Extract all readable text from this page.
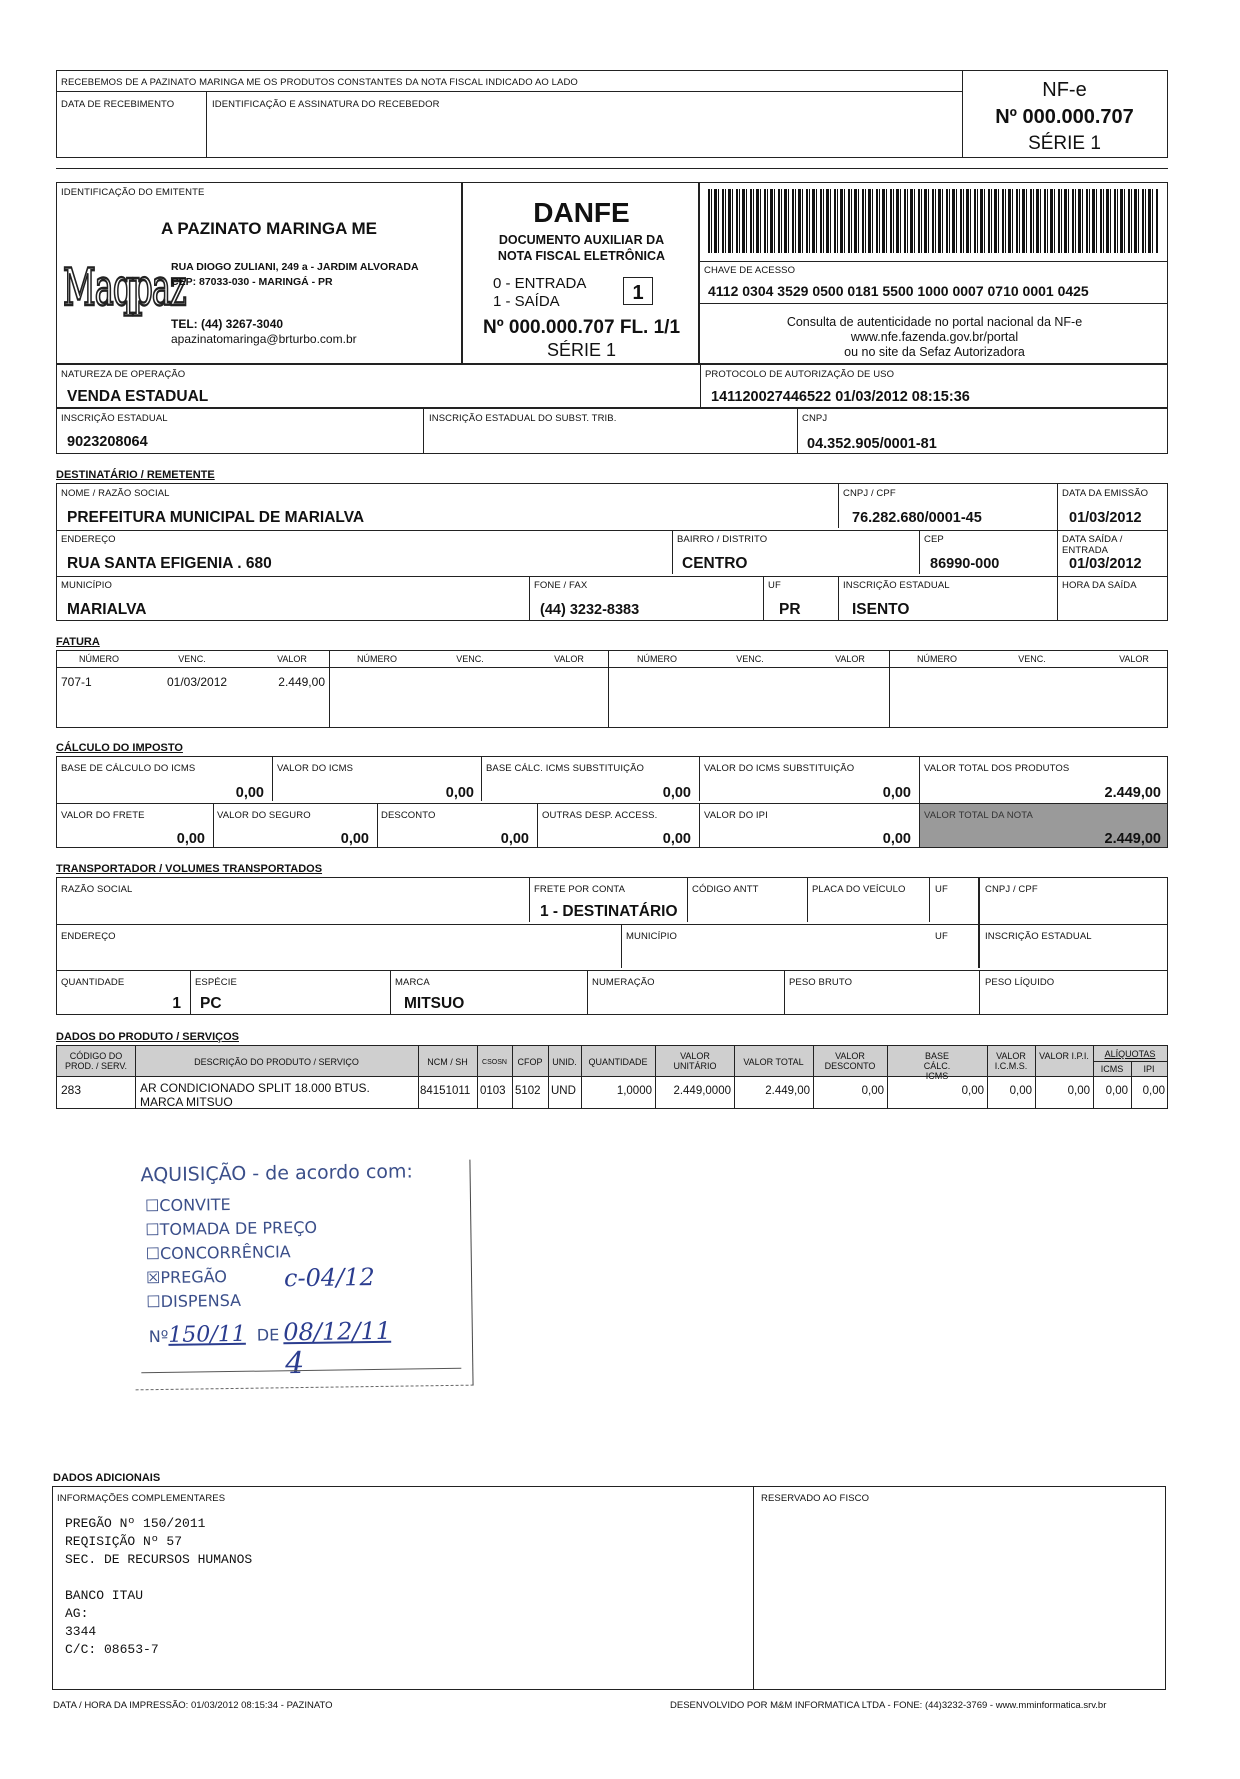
RECEBEMOS DE A PAZINATO MARINGA ME OS PRODUTOS CONSTANTES DA NOTA FISCAL INDICADO AO LADO
DATA DE RECEBIMENTO	IDENTIFICAÇÃO E ASSINATURA DO RECEBEDOR
NF-e
Nº 000.000.707
SÉRIE 1
IDENTIFICAÇÃO DO EMITENTE
A PAZINATO MARINGA ME
Maqpaz
RUA DIOGO ZULIANI, 249 a - JARDIM ALVORADA
CEP: 87033-030 - MARINGÁ - PR
TEL: (44) 3267-3040
apazinatomaringa@brturbo.com.br
DANFE
DOCUMENTO AUXILIAR DA
NOTA FISCAL ELETRÔNICA
0 - ENTRADA
1 - SAÍDA	1
Nº 000.000.707 FL. 1/1
SÉRIE 1
CHAVE DE ACESSO
4112 0304 3529 0500 0181 5500 1000 0007 0710 0001 0425
Consulta de autenticidade no portal nacional da NF-e
www.nfe.fazenda.gov.br/portal
ou no site da Sefaz Autorizadora
NATUREZA DE OPERAÇÃO
VENDA ESTADUAL
PROTOCOLO DE AUTORIZAÇÃO DE USO
141120027446522 01/03/2012 08:15:36
INSCRIÇÃO ESTADUAL
9023208064
INSCRIÇÃO ESTADUAL DO SUBST. TRIB.	CNPJ
04.352.905/0001-81
DESTINATÁRIO / REMETENTE
NOME / RAZÃO SOCIAL
PREFEITURA MUNICIPAL DE MARIALVA
CNPJ / CPF
76.282.680/0001-45
DATA DA EMISSÃO
01/03/2012
ENDEREÇO
RUA SANTA EFIGENIA . 680
BAIRRO / DISTRITO
CENTRO
CEP
86990-000
DATA SAÍDA / ENTRADA
01/03/2012
MUNICÍPIO
MARIALVA
FONE / FAX
(44) 3232-8383
UF
PR
INSCRIÇÃO ESTADUAL
ISENTO
HORA DA SAÍDA
FATURA
NÚMERO	VENC.	VALOR	NÚMERO	VENC.	VALOR	NÚMERO	VENC.	VALOR	NÚMERO	VENC.	VALOR
707-1	01/03/2012	2.449,00
CÁLCULO DO IMPOSTO
BASE DE CÁLCULO DO ICMS
0,00
VALOR DO ICMS
0,00
BASE CÁLC. ICMS SUBSTITUIÇÃO
0,00
VALOR DO ICMS SUBSTITUIÇÃO
0,00
VALOR TOTAL DOS PRODUTOS
2.449,00
VALOR DO FRETE
0,00
VALOR DO SEGURO
0,00
DESCONTO
0,00
OUTRAS DESP. ACCESS.
0,00
VALOR DO IPI
0,00
VALOR TOTAL DA NOTA
2.449,00
TRANSPORTADOR / VOLUMES TRANSPORTADOS
RAZÃO SOCIAL	FRETE POR CONTA
1 - DESTINATÁRIO
CÓDIGO ANTT	PLACA DO VEÍCULO	UF	CNPJ / CPF
ENDEREÇO	MUNICÍPIO	UF	INSCRIÇÃO ESTADUAL
QUANTIDADE
1
ESPÉCIE
PC
MARCA
MITSUO
NUMERAÇÃO	PESO BRUTO	PESO LÍQUIDO
DADOS DO PRODUTO / SERVIÇOS
CÓDIGO DO PROD. / SERV.	DESCRIÇÃO DO PRODUTO / SERVIÇO	NCM / SH	CSOSN	CFOP	UNID.	QUANTIDADE
VALOR UNITÁRIO	VALOR TOTAL
VALOR DESCONTO
BASE CÁLC. ICMS
VALOR I.C.M.S.
VALOR I.P.I.	ALÍQUOTAS
ICMS	IPI
283	AR CONDICIONADO SPLIT 18.000 BTUS.
MARCA MITSUO
84151011 0103 5102 UND	1,0000	2.449,0000	2.449,00	0,00	0,00	0,00	0,00	0,00	0,00
AQUISIÇÃO - de acordo com:
☐CONVITE
☐TOMADA DE PREÇO
☐CONCORRÊNCIA
☒PREGÃO c-04/12
☐DISPENSA
Nº150/11 DE 08/12/11
4
DADOS ADICIONAIS
INFORMAÇÕES COMPLEMENTARES
PREGÃO Nº 150/2011
REQISIÇÃO Nº 57
SEC. DE RECURSOS HUMANOS
BANCO ITAU
AG:
3344
C/C: 08653-7
RESERVADO AO FISCO
DATA / HORA DA IMPRESSÃO: 01/03/2012 08:15:34 - PAZINATO	DESENVOLVIDO POR M&M INFORMATICA LTDA - FONE: (44)3232-3769 - www.mminformatica.srv.br
